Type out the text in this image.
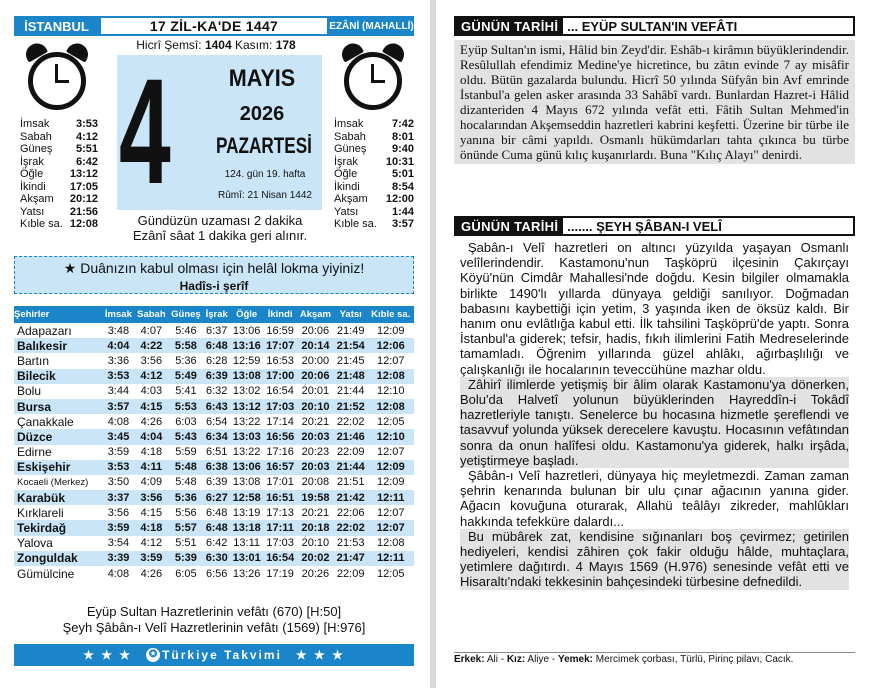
İSTANBUL	17 ZİL-KA'DE 1447	EZÂNİ (MAHALLİ)
Hicrî Şemsî: 1404 Kasım: 178
İmsak 3:53
Sabah 4:12
Güneş 5:51
İşrak	6:42
Öğle 13:12
İkindi 17:05
Akşam 20:12
Yatsı 21:56
Kıble sa. 12:08
İmsak	7:42
Sabah 8:01
Güneş 9:40
İşrak	10:31
Öğle	5:01
İkindi	8:54
Akşam 12:00
Yatsı	1:44
Kıble sa. 3:57
4	MAYIS
2026
PAZARTESİ
124. gün 19. hafta
Rûmî: 21 Nisan 1442
Gündüzün uzaması 2 dakika
Ezânî sâat 1 dakika geri alınır.
★ Duânızın kabul olması için helâl lokma yiyiniz!
Hadîs-i şerîf
Şehirler	İmsak	Sabah	Güneş	İşrak	Öğle	İkindi	Akşam	Yatsı	Kıble sa.
Adapazarı	3:48	4:07	5:46	6:37	13:06	16:59	20:06	21:49	12:09
Balıkesir	4:04	4:22	5:58	6:48	13:16	17:07	20:14	21:54	12:06
Bartın	3:36	3:56	5:36	6:28	12:59	16:53	20:00	21:45	12:07
Bilecik	3:53	4:12	5:49	6:39	13:08	17:00	20:06	21:48	12:08
Bolu	3:44	4:03	5:41	6:32	13:02	16:54	20:01	21:44	12:10
Bursa	3:57	4:15	5:53	6:43	13:12	17:03	20:10	21:52	12:08
Çanakkale	4:08	4:26	6:03	6:54	13:22	17:14	20:21	22:02	12:05
Düzce	3:45	4:04	5:43	6:34	13:03	16:56	20:03	21:46	12:10
Edirne	3:59	4:18	5:59	6:51	13:22	17:16	20:23	22:09	12:07
Eskişehir	3:53	4:11	5:48	6:38	13:06	16:57	20:03	21:44	12:09
Kocaeli (Merkez)	3:50	4:09	5:48	6:39	13:08	17:01	20:08	21:51	12:09
Karabük	3:37	3:56	5:36	6:27	12:58	16:51	19:58	21:42	12:11
Kırklareli	3:56	4:15	5:56	6:48	13:19	17:13	20:21	22:06	12:07
Tekirdağ	3:59	4:18	5:57	6:48	13:18	17:11	20:18	22:02	12:07
Yalova	3:54	4:12	5:51	6:42	13:11	17:03	20:10	21:53	12:08
Zonguldak	3:39	3:59	5:39	6:30	13:01	16:54	20:02	21:47	12:11
Gümülcine	4:08	4:26	6:05	6:56	13:26	17:19	20:26	22:09	12:05
Eyüp Sultan Hazretlerinin vefâtı (670) [H:50]
Şeyh Şâbân-ı Velî Hazretlerinin vefâtı (1569) [H:976]
★ ★ ★ ✪ Türkiye Takvimi ★ ★ ★
GÜNÜN TARİHİ ... EYÜP SULTAN'IN VEFÂTI
Eyüp Sultan'ın ismi, Hâlid bin Zeyd'dir. Eshâb-ı kirâmın büyüklerindendir. Resûlullah efendimiz Medine'ye hicretince, bu zâtın evinde 7 ay misâfir oldu. Bütün gazalarda bulundu. Hicrî 50 yılında Süfyân bin Avf emrinde İstanbul'a gelen asker arasında 33 Sahâbî vardı. Bunlardan Hazret-i Hâlid dizanteriden 4 Mayıs 672 yılında vefât etti. Fâtih Sultan Mehmed'in hocalarından Akşemseddin hazretleri kabrini keşfetti. Üzerine bir türbe ile yanına bir câmi yapıldı. Osmanlı hükümdarları tahta çıkınca bu türbe önünde Cuma günü kılıç kuşanırlardı. Buna "Kılıç Alayı" denirdi.
GÜNÜN TARİHİ ....... ŞEYH ŞÂBAN-I VELÎ

Şabân-ı Velî hazretleri on altıncı yüzyılda yaşayan Osmanlı velîlerindendir. Kastamonu'nun Taşköprü ilçesinin Çakırçayı Köyü'nün Cimdâr Mahallesi'nde doğdu. Kesin bilgiler olmamakla birlikte 1490'lı yıllarda dünyaya geldiği sanılıyor. Doğmadan babasını kaybettiği için yetim, 3 yaşında iken de öksüz kaldı. Bir hanım onu evlâtlığa kabul etti. İlk tahsilini Taşköprü'de yaptı. Sonra İstanbul'a giderek; tefsir, hadis, fıkıh ilimlerini Fatih Medreselerinde tamamladı. Öğrenim yıllarında güzel ahlâkı, ağırbaşlılığı ve çalışkanlığı ile hocalarının teveccühüne mazhar oldu.

Zâhirî ilimlerde yetişmiş bir âlim olarak Kastamonu'ya dönerken, Bolu'da Halvetî yolunun büyüklerinden Hayreddîn-i Tokâdî hazretleriyle tanıştı. Senelerce bu hocasına hizmetle şereflendi ve tasavvuf yolunda yüksek derecelere kavuştu. Hocasının vefâtından sonra da onun halîfesi oldu. Kastamonu'ya giderek, halkı irşâda, yetiştirmeye başladı.

Şâbân-ı Velî hazretleri, dünyaya hiç meyletmezdi. Zaman zaman şehrin kenarında bulunan bir ulu çınar ağacının yanına gider. Ağacın kovuğuna oturarak, Allahü teâlâyı zikreder, mahlûkları hakkında tefekküre dalardı...

Bu mübârek zat, kendisine sığınanları boş çevirmez; getirilen hediyeleri, kendisi zâhiren çok fakir olduğu hâlde, muhtaçlara, yetimlere dağıtırdı. 4 Mayıs 1569 (H.976) senesinde vefât etti ve Hisaraltı'ndaki tekkesinin bahçesindeki türbesine defnedildi.

Erkek: Ali - Kız: Aliye - Yemek: Mercimek çorbası, Türlü, Pirinç pilavı, Cacık.
